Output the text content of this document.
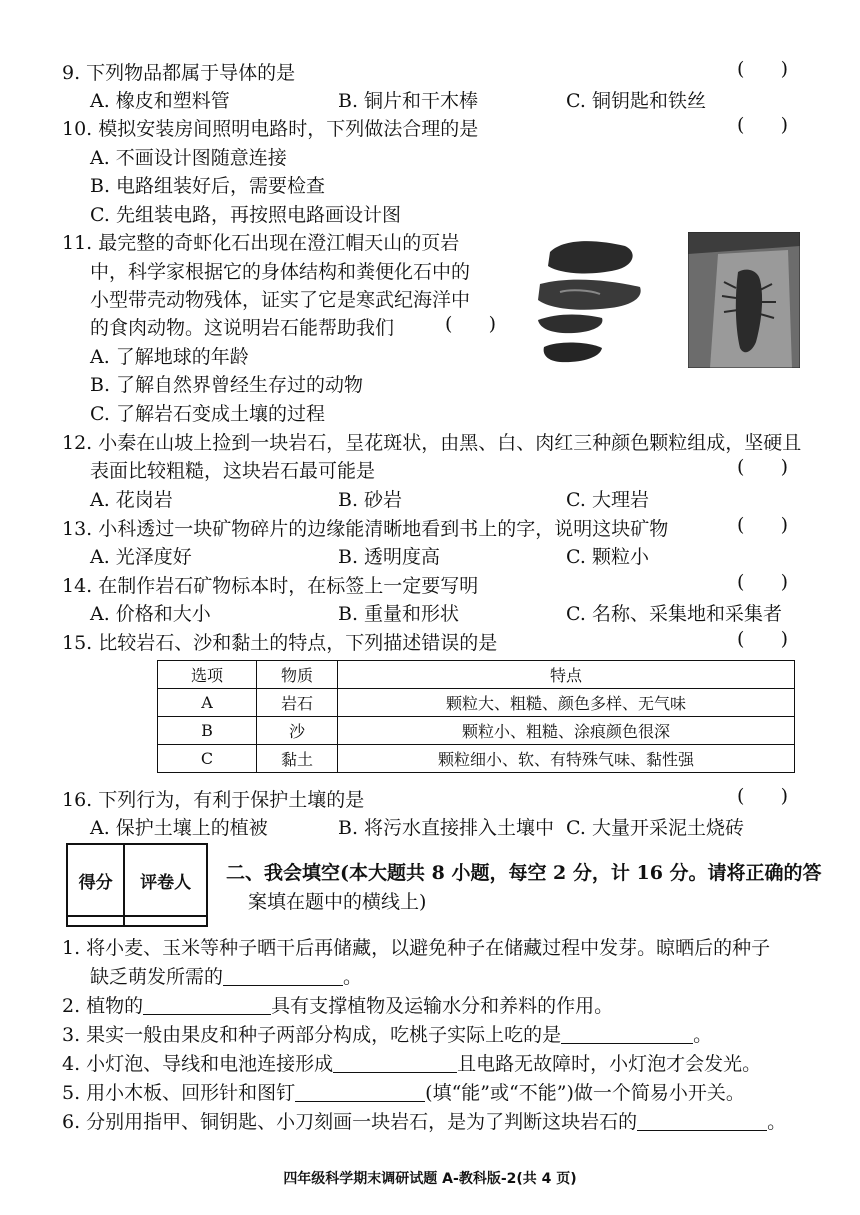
9. 下列物品都属于导体的是	(      )
A. 橡皮和塑料管	B. 铜片和干木棒	C. 铜钥匙和铁丝
10. 模拟安装房间照明电路时，下列做法合理的是	(      )
A. 不画设计图随意连接
B. 电路组装好后，需要检查
C. 先组装电路，再按照电路画设计图
11. 最完整的奇虾化石出现在澄江帽天山的页岩
中，科学家根据它的身体结构和粪便化石中的
小型带壳动物残体，证实了它是寒武纪海洋中
的食肉动物。这说明岩石能帮助我们	(      )
A. 了解地球的年龄
B. 了解自然界曾经生存过的动物
C. 了解岩石变成土壤的过程
12. 小秦在山坡上捡到一块岩石，呈花斑状，由黑、白、肉红三种颜色颗粒组成，坚硬且
表面比较粗糙，这块岩石最可能是	(      )
A. 花岗岩	B. 砂岩	C. 大理岩
13. 小科透过一块矿物碎片的边缘能清晰地看到书上的字，说明这块矿物	(      )
A. 光泽度好	B. 透明度高	C. 颗粒小
14. 在制作岩石矿物标本时，在标签上一定要写明	(      )
A. 价格和大小	B. 重量和形状	C. 名称、采集地和采集者
15. 比较岩石、沙和黏土的特点，下列描述错误的是	(      )
选项	物质	特点
A	岩石	颗粒大、粗糙、颜色多样、无气味
B	沙	颗粒小、粗糙、涂痕颜色很深
C	黏土	颗粒细小、软、有特殊气味、黏性强
16. 下列行为，有利于保护土壤的是	(      )
A. 保护土壤上的植被	B. 将污水直接排入土壤中 C. 大量开采泥土烧砖
得分	评卷人
	二、我会填空(本大题共 8 小题，每空 2 分，计 16 分。请将正确的答
案填在题中的横线上)
1. 将小麦、玉米等种子晒干后再储藏，以避免种子在储藏过程中发芽。晾晒后的种子
缺乏萌发所需的	。
2. 植物的	具有支撑植物及运输水分和养料的作用。
3. 果实一般由果皮和种子两部分构成，吃桃子实际上吃的是	。
4. 小灯泡、导线和电池连接形成	且电路无故障时，小灯泡才会发光。
5. 用小木板、回形针和图钉	(填“能”或“不能”)做一个简易小开关。
6. 分别用指甲、铜钥匙、小刀刻画一块岩石，是为了判断这块岩石的	。
四年级科学期末调研试题 A-教科版-2(共 4 页)
